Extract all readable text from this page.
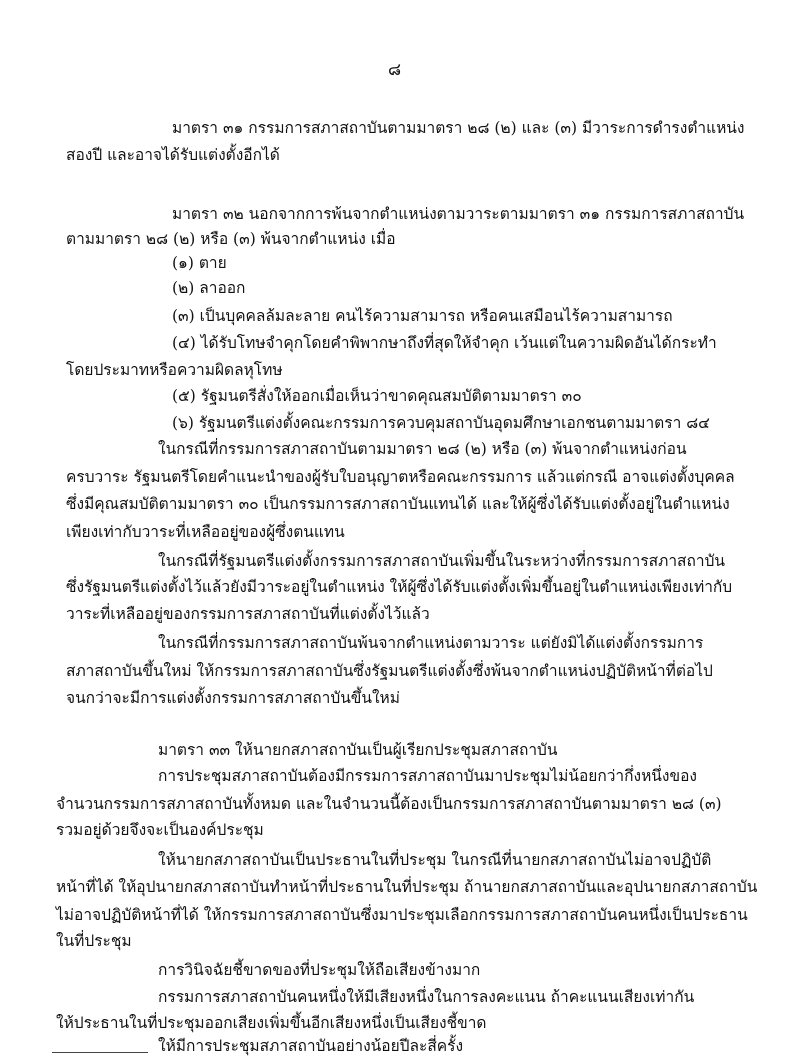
๘
มาตรา ๓๑ กรรมการสภาสถาบันตามมาตรา ๒๘ (๒) และ (๓) มีวาระการดำรงตำแหน่ง
สองปี และอาจได้รับแต่งตั้งอีกได้
มาตรา ๓๒ นอกจากการพ้นจากตำแหน่งตามวาระตามมาตรา ๓๑ กรรมการสภาสถาบัน
ตามมาตรา ๒๘ (๒) หรือ (๓) พ้นจากตำแหน่ง เมื่อ
(๑) ตาย
(๒) ลาออก
(๓) เป็นบุคคลล้มละลาย คนไร้ความสามารถ หรือคนเสมือนไร้ความสามารถ
(๔) ได้รับโทษจำคุกโดยคำพิพากษาถึงที่สุดให้จำคุก เว้นแต่ในความผิดอันได้กระทำ
โดยประมาทหรือความผิดลหุโทษ
(๕) รัฐมนตรีสั่งให้ออกเมื่อเห็นว่าขาดคุณสมบัติตามมาตรา ๓๐
(๖) รัฐมนตรีแต่งตั้งคณะกรรมการควบคุมสถาบันอุดมศึกษาเอกชนตามมาตรา ๘๔
ในกรณีที่กรรมการสภาสถาบันตามมาตรา ๒๘ (๒) หรือ (๓) พ้นจากตำแหน่งก่อน
ครบวาระ รัฐมนตรีโดยคำแนะนำของผู้รับใบอนุญาตหรือคณะกรรมการ แล้วแต่กรณี อาจแต่งตั้งบุคคล
ซึ่งมีคุณสมบัติตามมาตรา ๓๐ เป็นกรรมการสภาสถาบันแทนได้ และให้ผู้ซึ่งได้รับแต่งตั้งอยู่ในตำแหน่ง
เพียงเท่ากับวาระที่เหลืออยู่ของผู้ซึ่งตนแทน
ในกรณีที่รัฐมนตรีแต่งตั้งกรรมการสภาสถาบันเพิ่มขึ้นในระหว่างที่กรรมการสภาสถาบัน
ซึ่งรัฐมนตรีแต่งตั้งไว้แล้วยังมีวาระอยู่ในตำแหน่ง ให้ผู้ซึ่งได้รับแต่งตั้งเพิ่มขึ้นอยู่ในตำแหน่งเพียงเท่ากับ
วาระที่เหลืออยู่ของกรรมการสภาสถาบันที่แต่งตั้งไว้แล้ว
ในกรณีที่กรรมการสภาสถาบันพ้นจากตำแหน่งตามวาระ แต่ยังมิได้แต่งตั้งกรรมการ
สภาสถาบันขึ้นใหม่ ให้กรรมการสภาสถาบันซึ่งรัฐมนตรีแต่งตั้งซึ่งพ้นจากตำแหน่งปฏิบัติหน้าที่ต่อไป
จนกว่าจะมีการแต่งตั้งกรรมการสภาสถาบันขึ้นใหม่
มาตรา ๓๓ ให้นายกสภาสถาบันเป็นผู้เรียกประชุมสภาสถาบัน
การประชุมสภาสถาบันต้องมีกรรมการสภาสถาบันมาประชุมไม่น้อยกว่ากึ่งหนึ่งของ
จำนวนกรรมการสภาสถาบันทั้งหมด และในจำนวนนี้ต้องเป็นกรรมการสภาสถาบันตามมาตรา ๒๘ (๓)
รวมอยู่ด้วยจึงจะเป็นองค์ประชุม
ให้นายกสภาสถาบันเป็นประธานในที่ประชุม ในกรณีที่นายกสภาสถาบันไม่อาจปฏิบัติ
หน้าที่ได้ ให้อุปนายกสภาสถาบันทำหน้าที่ประธานในที่ประชุม ถ้านายกสภาสถาบันและอุปนายกสภาสถาบัน
ไม่อาจปฏิบัติหน้าที่ได้ ให้กรรมการสภาสถาบันซึ่งมาประชุมเลือกกรรมการสภาสถาบันคนหนึ่งเป็นประธาน
ในที่ประชุม
การวินิจฉัยชี้ขาดของที่ประชุมให้ถือเสียงข้างมาก
กรรมการสภาสถาบันคนหนึ่งให้มีเสียงหนึ่งในการลงคะแนน ถ้าคะแนนเสียงเท่ากัน
ให้ประธานในที่ประชุมออกเสียงเพิ่มขึ้นอีกเสียงหนึ่งเป็นเสียงชี้ขาด
ให้มีการประชุมสภาสถาบันอย่างน้อยปีละสี่ครั้ง
